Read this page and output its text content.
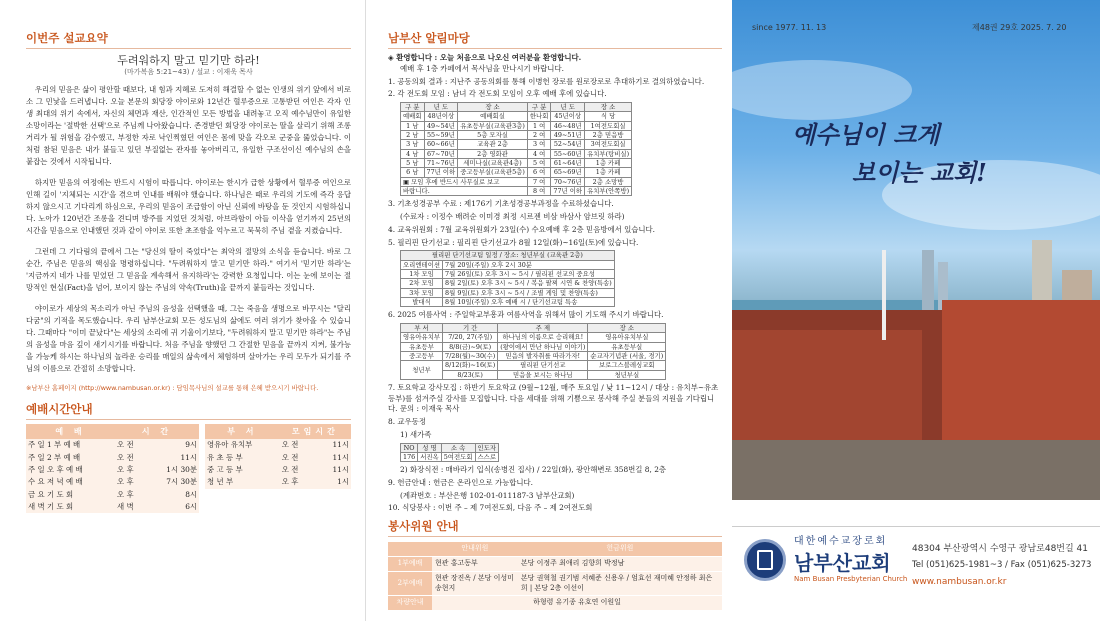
이번주 설교요약
두려워하지 말고 믿기만 하라!
(마가복음 5:21~43) / 설교 : 이재욱 목사
우리의 믿음은 삶이 평안할 때보다, 내 힘과 지혜로 도저히 해결할 수 없는 인생의 위기 앞에서 비로소 그 민낯을 드러냅니다. 오늘 본문의 회당장 야이로와 12년간 혈루증으로 고통받던 여인은 각자 인생 최대의 위기 속에서, 자신의 체면과 재산, 인간적인 모든 방법을 내려놓고 오직 예수님만이 유일한 소망이라는 '절박한 선택'으로 주님께 나아왔습니다. 존경받던 회당장 야이로는 딸을 살리기 위해 조롱거리가 될 위험을 감수했고, 부정한 자로 낙인찍혔던 여인은 몸에 맞을 각오로 군중을 뚫었습니다. 이처럼 참된 믿음은 내가 붙들고 있던 부질없는 관자를 놓아버리고, 유일한 구조선이신 예수님의 손을 붙잡는 것에서 시작됩니다.
하지만 믿음의 여정에는 반드시 시험이 따릅니다. 야이로는 한시가 급한 상황에서 혈루증 여인으로 인해 길이 '지체되는 시간'을 겪으며 인내를 배워야 했습니다. 하나님은 때로 우리의 기도에 즉각 응답하지 않으시고 기다리게 하심으로, 우리의 믿음이 조급함이 아닌 신뢰에 바탕을 둔 것인지 시험하십니다. 노아가 120년간 조롱을 견디며 방주를 지었던 것처럼, 아브라함이 아들 이삭을 얻기까지 25년의 시간을 믿음으로 인내했던 것과 같이 야이로 또한 초조함을 억누르고 묵묵히 주님 곁을 지켰습니다.
그런데 그 기다림의 끝에서 그는 "당신의 딸이 죽었다"는 최악의 절망의 소식을 듣습니다. 바로 그 순간, 주님은 믿음의 핵심을 명령하십니다. "두려워하지 말고 믿기만 하라." 여기서 '믿기만 하라'는 '지금까지 네가 나를 믿었던 그 믿음을 계속해서 유지하라'는 강력한 요청입니다. 이는 눈에 보이는 절망적인 현실(Fact)을 넘어, 보이지 않는 주님의 약속(Truth)을 끝까지 붙들라는 것입니다.
야이로가 세상의 목소리가 아닌 주님의 음성을 선택했을 때, 그는 죽음을 생명으로 바꾸시는 "달리다굼"의 기적을 목도했습니다. 우리 남부산교회 모든 성도님의 삶에도 여러 위기가 찾아올 수 있습니다. 그때마다 "이미 끝났다"는 세상의 소리에 귀 기울이기보다, "두려워하지 말고 믿기만 하라"는 주님의 음성을 마음 깊이 새기시기를 바랍니다. 처음 주님을 향했던 그 간절한 믿음을 끝까지 지켜, 불가능을 가능케 하시는 하나님의 놀라운 승리를 매일의 삶속에서 체험하며 살아가는 우리 모두가 되기를 주님의 이름으로 간절히 소망합니다.
※남부산 홈페이지 (http://www.nambusan.or.kr) : 담임목사님의 설교를 통해 은혜 받으시기 바랍니다.
예배시간안내
예 배	시 간			부 서	모임시간	
주 일 1 부 예 배	오 전	9시		영유아 유치부	오 전	11시
주 일 2 부 예 배	오 전	11시		유 초 등 부	오 전	11시
주 일 오 후 예 배	오 후	1시 30분		중 고 등 부	오 전	11시
수 요 저 녁 예 배	오 후	7시 30분		청 년 부	오 후	1시
금 요 기 도 회	오 후	8시				
새 벽 기 도 회	새 벽	6시				
남부산 알림마당
◈ 환영합니다 : 오늘 처음으로 나오신 여러분을 환영합니다.
예배 후 1층 카페에서 목사님을 만나시기 바랍니다.
1. 공동의회 결과 : 지난주 공동의회를 통해 이병헌 장로를 원로장로로 추대하기로 결의하였습니다.
2. 각 전도회 모임 : 남녀 각 전도회 모임이 오후 예배 후에 있습니다.
구 분	년 도	장 소	구 분	년 도	장 소
예배회	48년이상	예배회실	한나회	45년이상	식 당
1 남	49~54년	유초등부실(교육관3층)	1 여	46~48년	1여전도회실
2 남	55~59년	5층 모자실	2 여	49~51년	2층 믿음방
3 남	60~66년	교육관 2층	3 여	52~54년	3여전도회실
4 남	67~70년	2층 영화관	4 여	55~60년	유치부(탕비실)
5 남	71~76년	세미나실(교육관4층)	5 여	61~64년	1층 카페
6 남	77년 이하	중고등부실(교육관5층)	6 여	65~69년	1층 카페
▣ 모임 후에 반드시 사무실로 보고			7 여	70~76년	2층 소망방
바랍니다.			8 여	77년 이하	유치부(안쪽방)
3. 기초성경공부 수료 : 제176기 기초성경공부과정을 수료하셨습니다.
(수료자 : 이정수 배려순 이미경 최정 시르젠 비삼 바삼사 암브릿 하라)
4. 교육위원회 : 7월 교육위원회가 23일(수) 수요예배 후 2층 믿음방에서 있습니다.
5. 필리핀 단기선교 : 필리핀 단기선교가 8월 12일(화)~16일(토)에 있습니다.
필리핀 단기선교팀 일정 / 장소: 청년부실 (교육관 2층)	
오리엔테이션	7월 20일(주일) 오후 2시 30분
1차 모임	7월 26일(토) 오후 3시 ~ 5시 / 필리핀 선교의 중요성
2차 모임	8월 2일(토) 오후 3시 ~ 5시 / 복음 팔찌 시연 & 찬양(특송)
3차 모임	8월 9일(토) 오후 3시 ~ 5시 / 조별 게임 및 찬양(특송)
발대식	8월 10일(주일) 오후 예배 시 / 단기선교팀 특송
6. 2025 여름사역 : 주일학교부흥과 여름사역을 위해서 많이 기도해 주시기 바랍니다.
부 서	기 간	주 제	장 소
영유아유치부	7/20, 27(주일)	하나님의 이름으로 승리해요!	영유아유치부실
유초등부	8/8(금)~9(토)	(왕이에서 만난 하나님 이야기)	유초등부실
중고등부	7/28(월)~30(수)	믿음의 발자취를 따라가자!	순교자기념관 (서울, 경기)
청년부	8/12(화)~16(토)	필리핀 단기선교	보로그스블레싱교회
	8/23(토)	믿음을 보시는 하나님	청년부실
7. 토요학교 강사모집 : 하반기 토요학교 (9월~12월, 매주 토요일 / 낮 11~12시 / 대상 : 유치부~유초등부)를 섬겨주실 강사를 모집합니다. 다음 세대를 위해 기쁨으로 봉사해 주실 분들의 지원을 기다립니다. 문의 : 이재욱 목사
8. 교우동정
1) 새가족
NO	성 명	소 속	인도자
176	서진옥	5여전도회	스스로
2) 화장식전 : 매바라기 입식(송병진 집사) / 22일(화), 광안해변로 358번길 8, 2층
9. 헌금안내 : 헌금은 온라인으로 가능합니다.
(계좌번호 : 부산은행 102-01-011187-3 남부산교회)
10. 식당봉사 : 이번 주 – 제 7여전도회, 다음 주 – 제 2여전도회
봉사위원 안내
	안내위원	헌금위원
1부예배	현관 홍고동부	본당 이정주 최애리 김향희 박정남
2부예배	현관 장진옥 / 본당 이성미 송현지	본당 권혁철 권기범 서혜준 신용우 / 엄효선 재미혜 안정하 최은희 | 본당 2층 이선이
차량안내	하형령 유기종 유호연 이원일	
since 1977. 11. 13	제48권 29호 2025. 7. 20
예수님이 크게
보이는 교회!
대한예수교장로회
남부산교회
Nam Busan Presbyterian Church
48304 부산광역시 수영구 광남로48번길 41
Tel (051)625-1981~3 / Fax (051)625-3273
www.nambusan.or.kr
